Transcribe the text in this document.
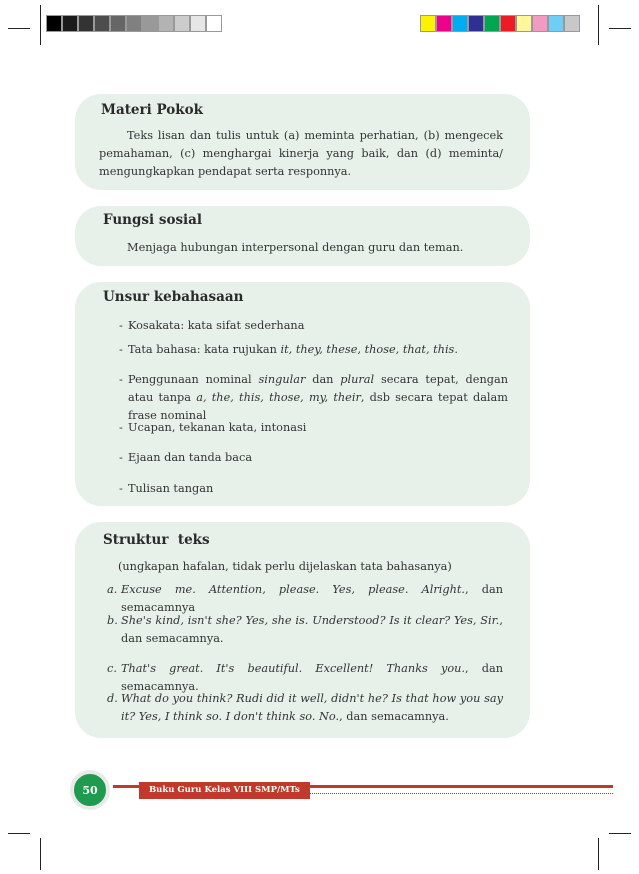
Materi Pokok
Teks lisan dan tulis untuk (a) meminta perhatian, (b) mengecek pemahaman, (c) menghargai kinerja yang baik, dan (d) meminta/ mengungkapkan pendapat serta responnya.
Fungsi sosial
Menjaga hubungan interpersonal dengan guru dan teman.
Unsur kebahasaan
- Kosakata: kata sifat sederhana
- Tata bahasa: kata rujukan it, they, these, those, that, this.
- Penggunaan nominal singular dan plural secara tepat, dengan atau tanpa a, the, this, those, my, their, dsb secara tepat dalam frase nominal
- Ucapan, tekanan kata, intonasi
- Ejaan dan tanda baca
- Tulisan tangan
Struktur  teks
(ungkapan hafalan, tidak perlu dijelaskan tata bahasanya)
a. Excuse me. Attention, please. Yes, please. Alright., dan semacamnya
b. She's kind, isn't she? Yes, she is. Understood? Is it clear? Yes, Sir., dan semacamnya.
c. That's great. It's beautiful. Excellent! Thanks you., dan semacamnya.
d. What do you think? Rudi did it well, didn't he? Is that how you say it? Yes, I think so. I don't think so. No., dan semacamnya.
Buku Guru Kelas VIII SMP/MTs
50
